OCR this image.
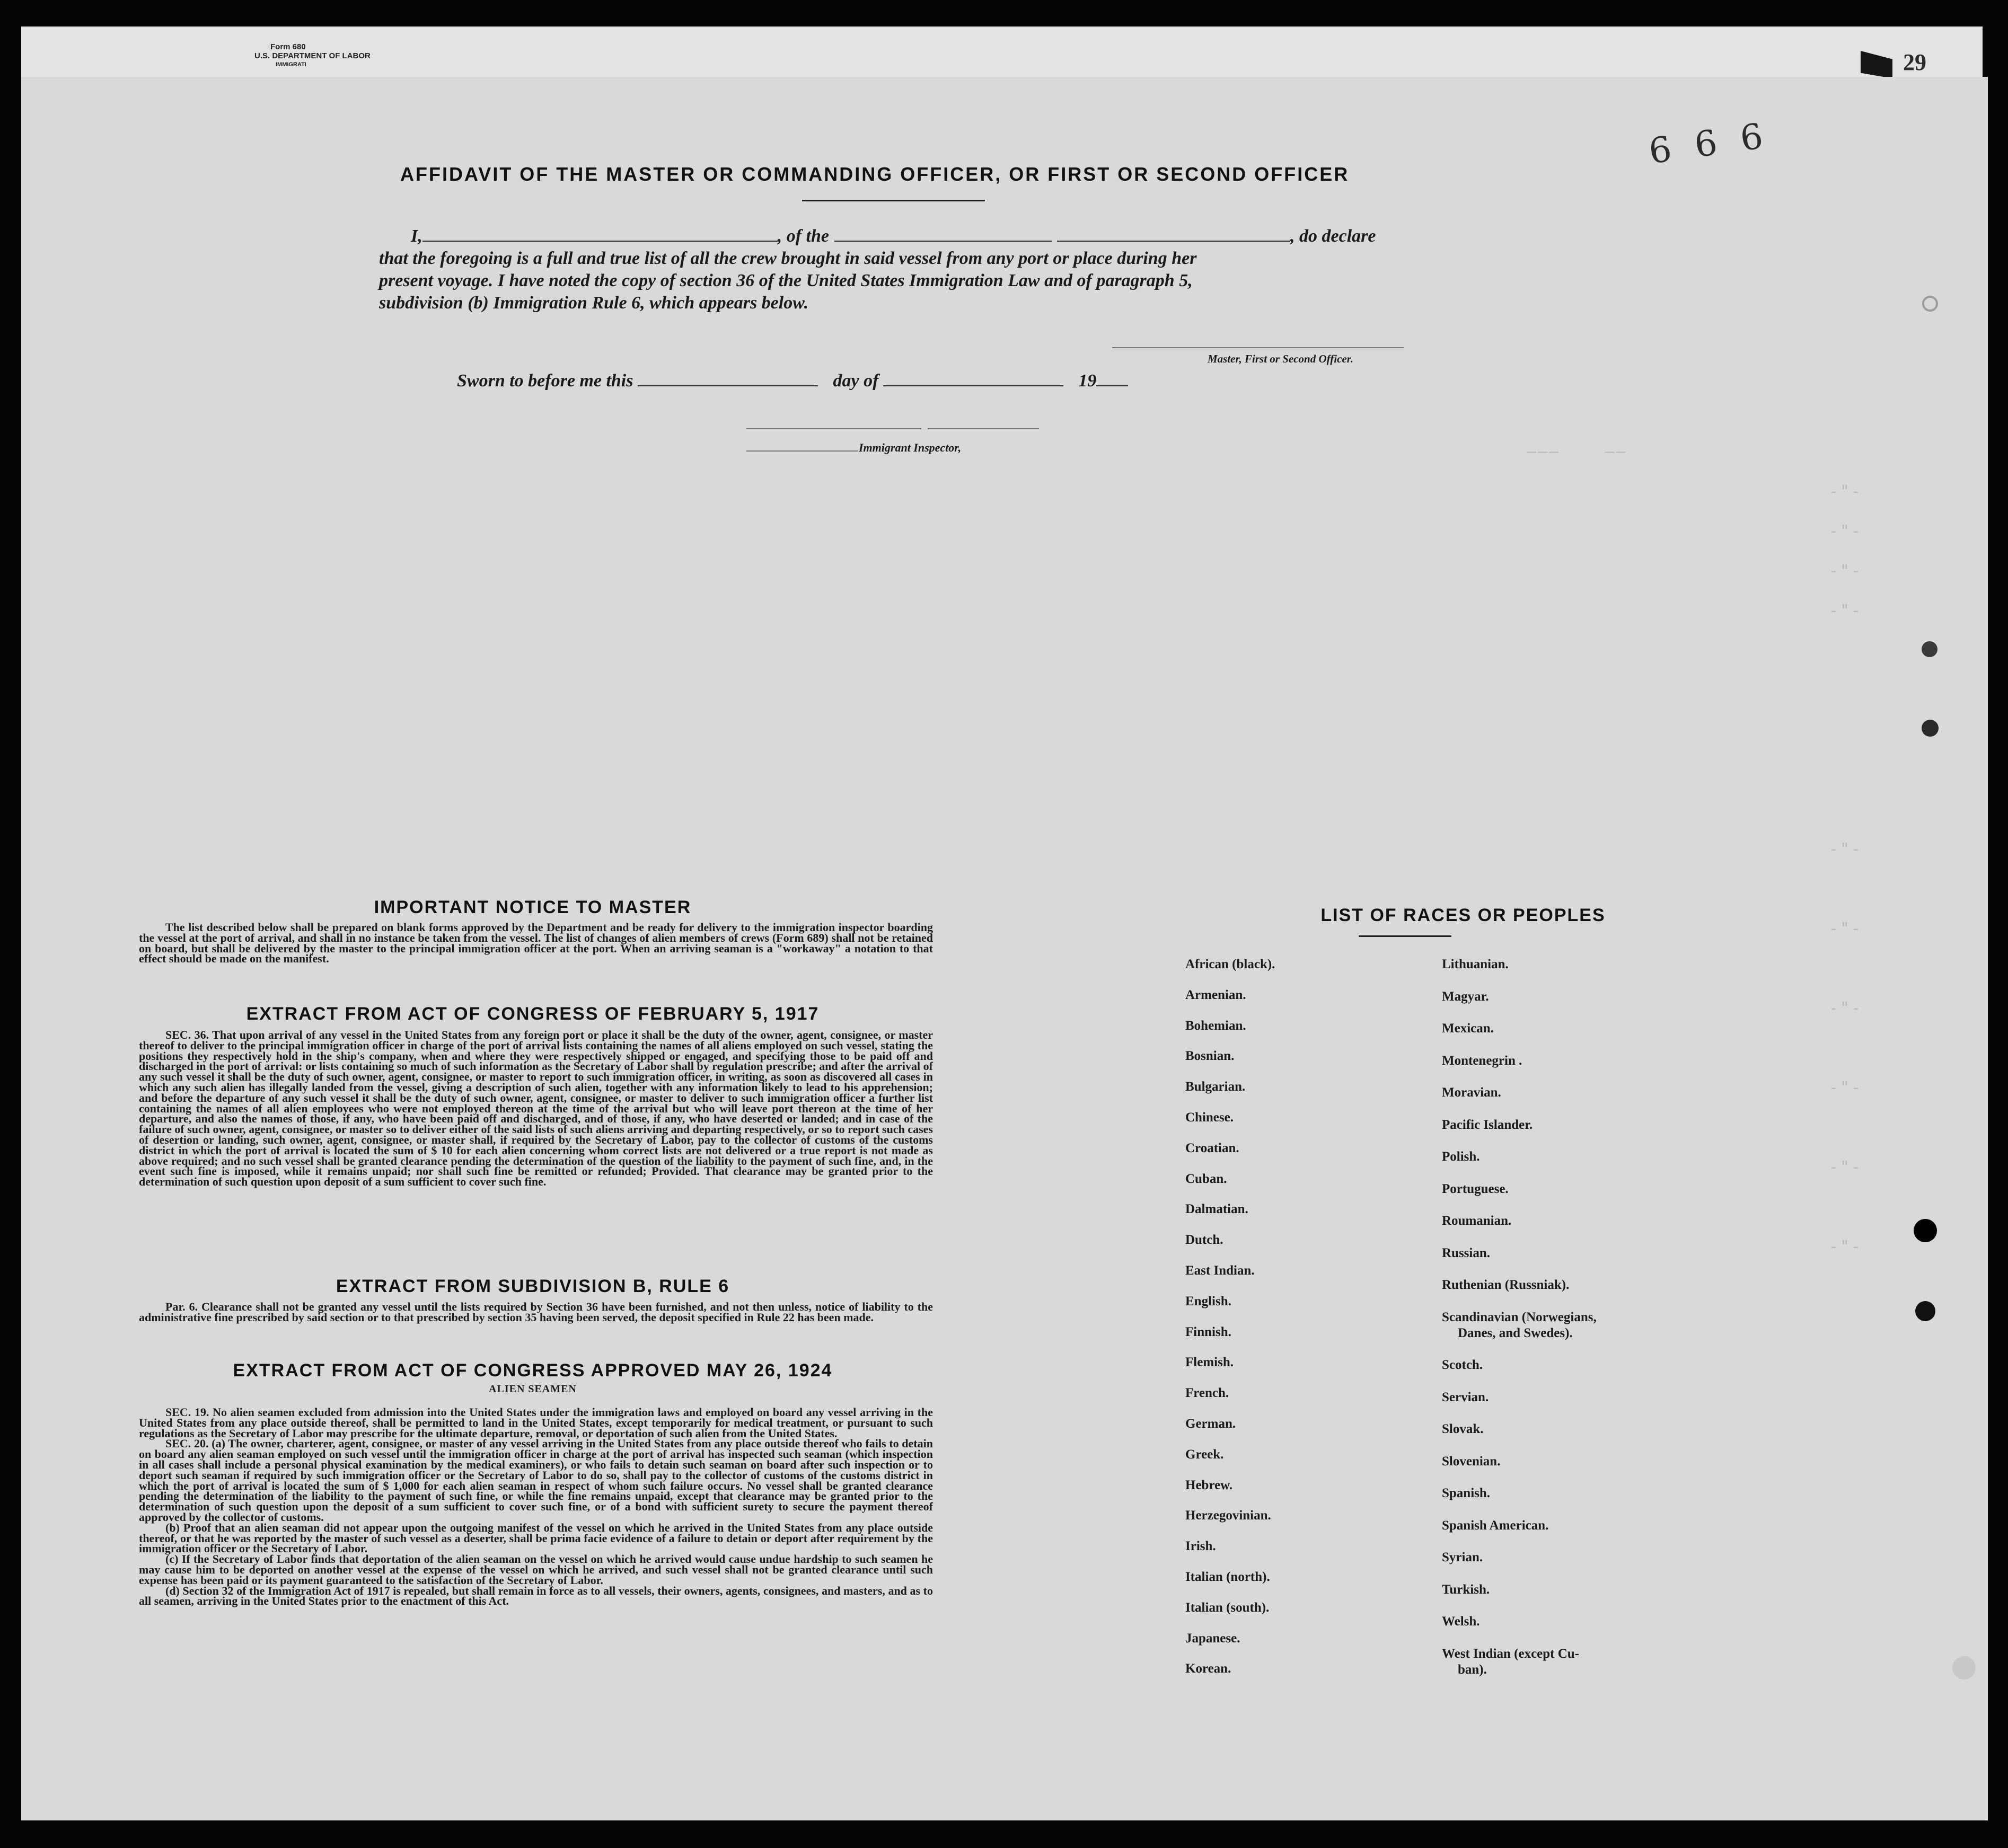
29
Form 680
U.S. DEPARTMENT OF LABOR
IMMIGRATI
6 6 6
———    ——
-"-
-"-
-"-
-"-
-"-
-"-
-"-
-"-
-"-
-"-
AFFIDAVIT OF THE MASTER OR COMMANDING OFFICER, OR FIRST OR SECOND OFFICER
I,	, of the	, do declare
that the foregoing is a full and true list of all the crew brought in said vessel from any port or place during her
present voyage. I have noted the copy of section 36 of the United States Immigration Law and of paragraph 5,
subdivision (b) Immigration Rule 6, which appears below.
Master, First or Second Officer.
Sworn to before me this	day of	19
Immigrant Inspector,
IMPORTANT NOTICE TO MASTER

The list described below shall be prepared on blank forms approved by the Department and be ready for delivery to the immigration inspector boarding the vessel at the port of arrival, and shall in no instance be taken from the vessel. The list of changes of alien members of crews (Form 689) shall not be retained on board, but shall be delivered by the master to the principal immigration officer at the port. When an arriving seaman is a "workaway" a notation to that effect should be made on the manifest.

EXTRACT FROM ACT OF CONGRESS OF FEBRUARY 5, 1917

SEC. 36. That upon arrival of any vessel in the United States from any foreign port or place it shall be the duty of the owner, agent, consignee, or master thereof to deliver to the principal immigration officer in charge of the port of arrival lists containing the names of all aliens employed on such vessel, stating the positions they respectively hold in the ship's company, when and where they were respectively shipped or engaged, and specifying those to be paid off and discharged in the port of arrival: or lists containing so much of such information as the Secretary of Labor shall by regulation prescribe; and after the arrival of any such vessel it shall be the duty of such owner, agent, consignee, or master to report to such immigration officer, in writing, as soon as discovered all cases in which any such alien has illegally landed from the vessel, giving a description of such alien, together with any information likely to lead to his apprehension; and before the departure of any such vessel it shall be the duty of such owner, agent, consignee, or master to deliver to such immigration officer a further list containing the names of all alien employees who were not employed thereon at the time of the arrival but who will leave port thereon at the time of her departure, and also the names of those, if any, who have been paid off and discharged, and of those, if any, who have deserted or landed; and in case of the failure of such owner, agent, consignee, or master so to deliver either of the said lists of such aliens arriving and departing respectively, or so to report such cases of desertion or landing, such owner, agent, consignee, or master shall, if required by the Secretary of Labor, pay to the collector of customs of the customs district in which the port of arrival is located the sum of $ 10 for each alien concerning whom correct lists are not delivered or a true report is not made as above required; and no such vessel shall be granted clearance pending the determination of the question of the liability to the payment of such fine, and, in the event such fine is imposed, while it remains unpaid; nor shall such fine be remitted or refunded; Provided. That clearance may be granted prior to the determination of such question upon deposit of a sum sufficient to cover such fine.

EXTRACT FROM SUBDIVISION B, RULE 6

Par. 6. Clearance shall not be granted any vessel until the lists required by Section 36 have been furnished, and not then unless, notice of liability to the administrative fine prescribed by said section or to that prescribed by section 35 having been served, the deposit specified in Rule 22 has been made.

EXTRACT FROM ACT OF CONGRESS APPROVED MAY 26, 1924
ALIEN SEAMEN

SEC. 19. No alien seamen excluded from admission into the United States under the immigration laws and employed on board any vessel arriving in the United States from any place outside thereof, shall be permitted to land in the United States, except temporarily for medical treatment, or pursuant to such regulations as the Secretary of Labor may prescribe for the ultimate departure, removal, or deportation of such alien from the United States.

SEC. 20. (a) The owner, charterer, agent, consignee, or master of any vessel arriving in the United States from any place outside thereof who fails to detain on board any alien seaman employed on such vessel until the immigration officer in charge at the port of arrival has inspected such seaman (which inspection in all cases shall include a personal physical examination by the medical examiners), or who fails to detain such seaman on board after such inspection or to deport such seaman if required by such immigration officer or the Secretary of Labor to do so, shall pay to the collector of customs of the customs district in which the port of arrival is located the sum of $ 1,000 for each alien seaman in respect of whom such failure occurs. No vessel shall be granted clearance pending the determination of the liability to the payment of such fine, or while the fine remains unpaid, except that clearance may be granted prior to the determination of such question upon the deposit of a sum sufficient to cover such fine, or of a bond with sufficient surety to secure the payment thereof approved by the collector of customs.

(b) Proof that an alien seaman did not appear upon the outgoing manifest of the vessel on which he arrived in the United States from any place outside thereof, or that he was reported by the master of such vessel as a deserter, shall be prima facie evidence of a failure to detain or deport after requirement by the immigration officer or the Secretary of Labor.

(c) If the Secretary of Labor finds that deportation of the alien seaman on the vessel on which he arrived would cause undue hardship to such seamen he may cause him to be deported on another vessel at the expense of the vessel on which he arrived, and such vessel shall not be granted clearance until such expense has been paid or its payment guaranteed to the satisfaction of the Secretary of Labor.

(d) Section 32 of the Immigration Act of 1917 is repealed, but shall remain in force as to all vessels, their owners, agents, consignees, and masters, and as to all seamen, arriving in the United States prior to the enactment of this Act.

LIST OF RACES OR PEOPLES
African (black).
Armenian.
Bohemian.
Bosnian.
Bulgarian.
Chinese.
Croatian.
Cuban.
Dalmatian.
Dutch.
East Indian.
English.
Finnish.
Flemish.
French.
German.
Greek.
Hebrew.
Herzegovinian.
Irish.
Italian (north).
Italian (south).
Japanese.
Korean.
Lithuanian.
Magyar.
Mexican.
Montenegrin .
Moravian.
Pacific Islander.
Polish.
Portuguese.
Roumanian.
Russian.
Ruthenian (Russniak).
Scandinavian (Norwegians,
Danes, and Swedes).
Scotch.
Servian.
Slovak.
Slovenian.
Spanish.
Spanish American.
Syrian.
Turkish.
Welsh.
West Indian (except Cu-
ban).
